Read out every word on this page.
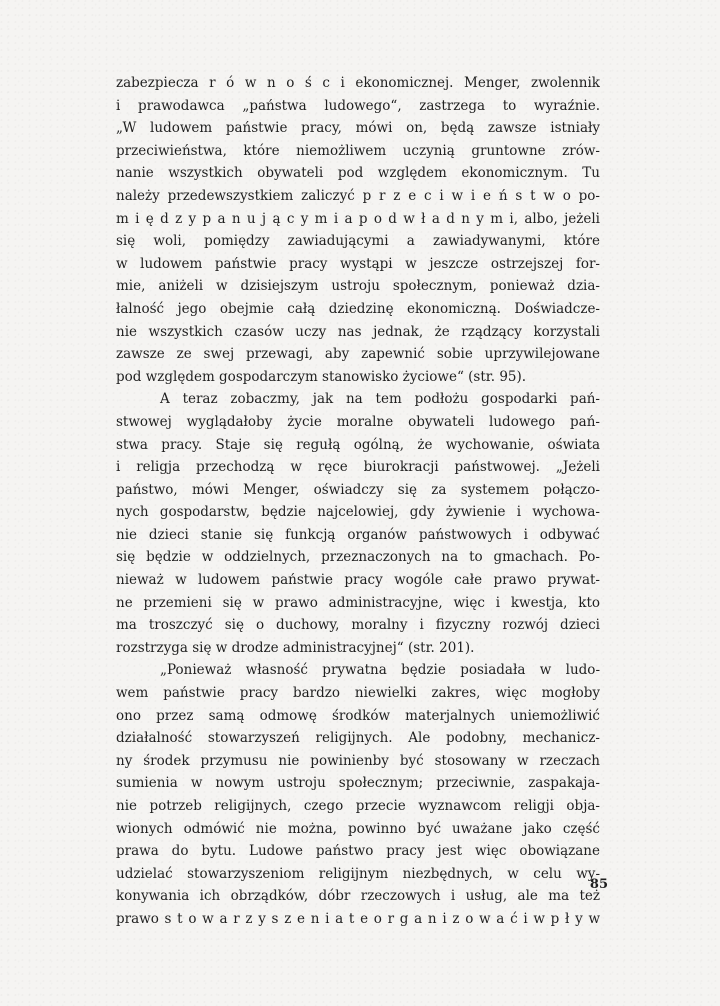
zabezpiecza r ó w n o ś c i ekonomicznej. Menger, zwolennik
i prawodawca „państwa ludowego“, zastrzega to wyraźnie.
„W ludowem państwie pracy, mówi on, będą zawsze istniały
przeciwieństwa, które niemożliwem uczynią gruntowne zrów-
nanie wszystkich obywateli pod względem ekonomicznym. Tu
należy przedewszystkiem zaliczyć p r z e c i w i e ń s t w o po-
m i ę d z y p a n u j ą c y m i a p o d w ł a d n y m i, albo, jeżeli
się woli, pomiędzy zawiadującymi a zawiadywanymi, które
w ludowem państwie pracy wystąpi w jeszcze ostrzejszej for-
mie, aniżeli w dzisiejszym ustroju społecznym, ponieważ dzia-
łalność jego obejmie całą dziedzinę ekonomiczną. Doświadcze-
nie wszystkich czasów uczy nas jednak, że rządzący korzystali
zawsze ze swej przewagi, aby zapewnić sobie uprzywilejowane
pod względem gospodarczym stanowisko życiowe“ (str. 95).
A teraz zobaczmy, jak na tem podłożu gospodarki pań-
stwowej wyglądałoby życie moralne obywateli ludowego pań-
stwa pracy. Staje się regułą ogólną, że wychowanie, oświata
i religja przechodzą w ręce biurokracji państwowej. „Jeżeli
państwo, mówi Menger, oświadczy się za systemem połączo-
nych gospodarstw, będzie najcelowiej, gdy żywienie i wychowa-
nie dzieci stanie się funkcją organów państwowych i odbywać
się będzie w oddzielnych, przeznaczonych na to gmachach. Po-
nieważ w ludowem państwie pracy wogóle całe prawo prywat-
ne przemieni się w prawo administracyjne, więc i kwestja, kto
ma troszczyć się o duchowy, moralny i fizyczny rozwój dzieci
rozstrzyga się w drodze administracyjnej“ (str. 201).
„Ponieważ własność prywatna będzie posiadała w ludo-
wem państwie pracy bardzo niewielki zakres, więc mogłoby
ono przez samą odmowę środków materjalnych uniemożliwić
działalność stowarzyszeń religijnych. Ale podobny, mechanicz-
ny środek przymusu nie powinienby być stosowany w rzeczach
sumienia w nowym ustroju społecznym; przeciwnie, zaspakaja-
nie potrzeb religijnych, czego przecie wyznawcom religji obja-
wionych odmówić nie można, powinno być uważane jako część
prawa do bytu. Ludowe państwo pracy jest więc obowiązane
udzielać stowarzyszeniom religijnym niezbędnych, w celu wy-
konywania ich obrządków, dóbr rzeczowych i usług, ale ma też
prawo s t o w a r z y s z e n i a t e o r g a n i z o w a ć i w p ł y w
85
